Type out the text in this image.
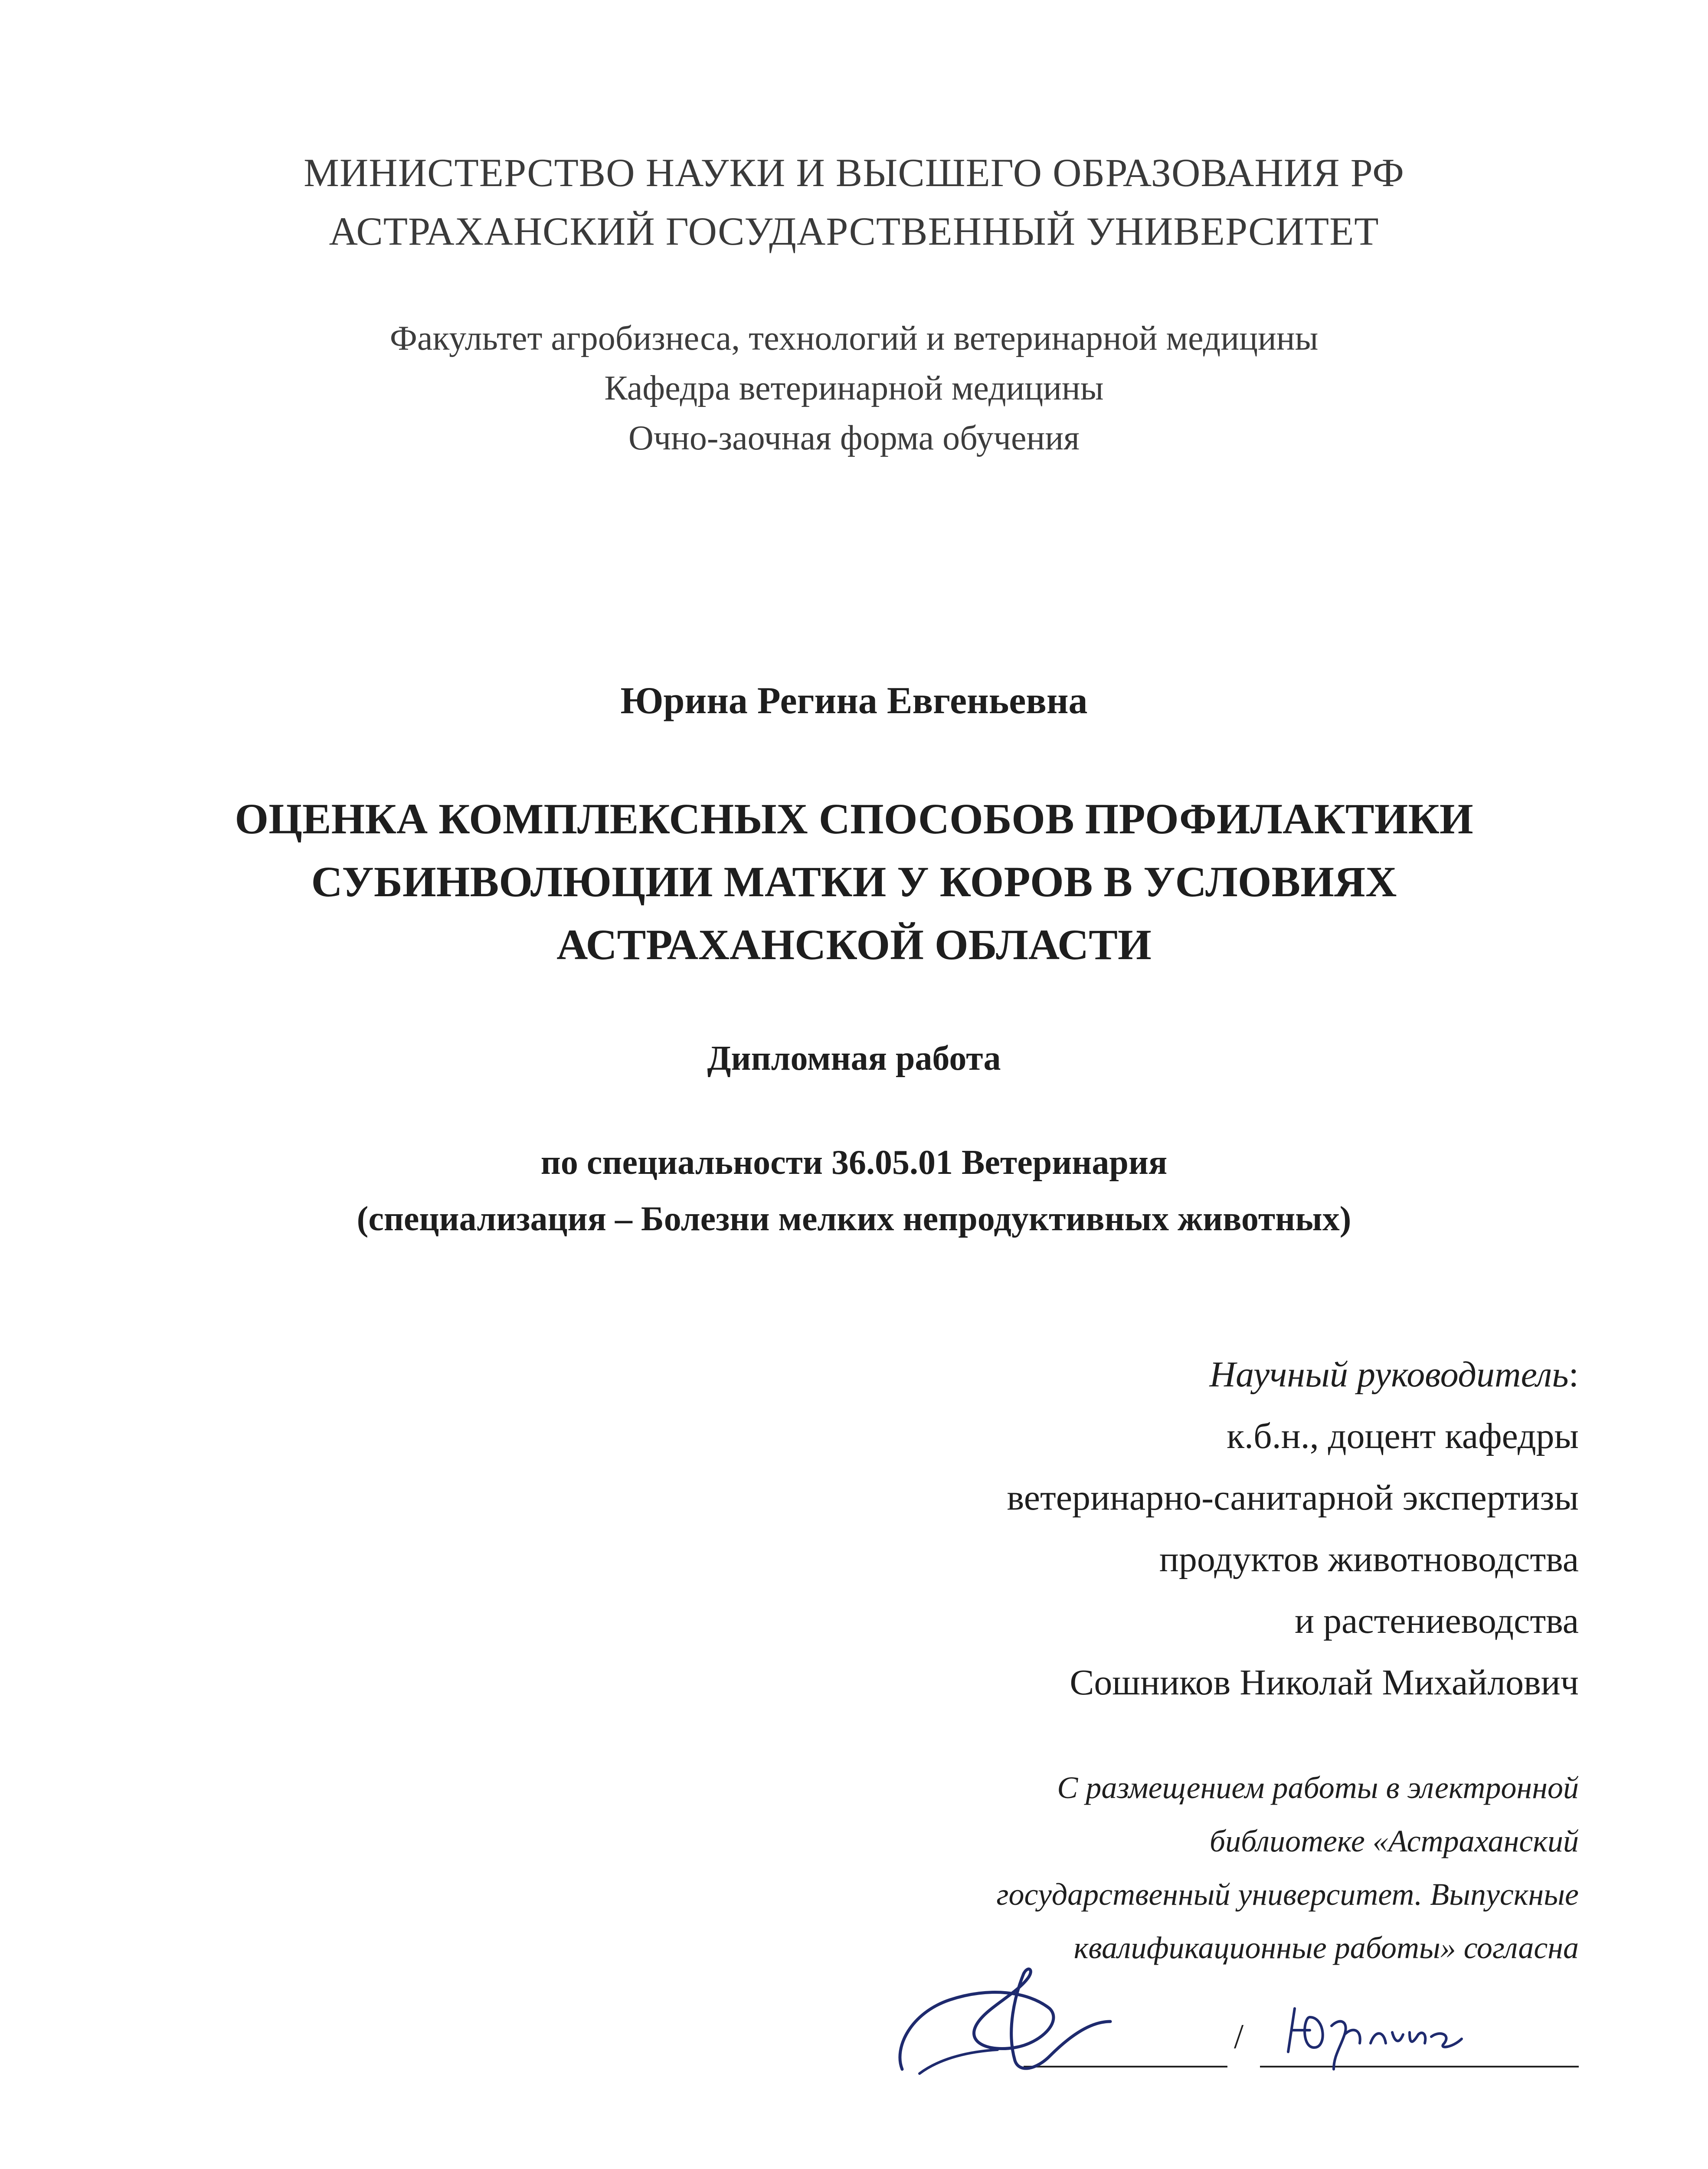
МИНИСТЕРСТВО НАУКИ И ВЫСШЕГО ОБРАЗОВАНИЯ РФ
АСТРАХАНСКИЙ ГОСУДАРСТВЕННЫЙ УНИВЕРСИТЕТ
Факультет агробизнеса, технологий и ветеринарной медицины
Кафедра ветеринарной медицины
Очно-заочная форма обучения
Юрина Регина Евгеньевна
ОЦЕНКА КОМПЛЕКСНЫХ СПОСОБОВ ПРОФИЛАКТИКИ
СУБИНВОЛЮЦИИ МАТКИ У КОРОВ В УСЛОВИЯХ
АСТРАХАНСКОЙ ОБЛАСТИ
Дипломная работа
по специальности 36.05.01 Ветеринария
(специализация – Болезни мелких непродуктивных животных)
Научный руководитель:
к.б.н., доцент кафедры
ветеринарно-санитарной экспертизы
продуктов животноводства
и растениеводства
Сошников Николай Михайлович
С размещением работы в электронной
библиотеке «Астраханский
государственный университет. Выпускные
квалификационные работы» согласна
/
